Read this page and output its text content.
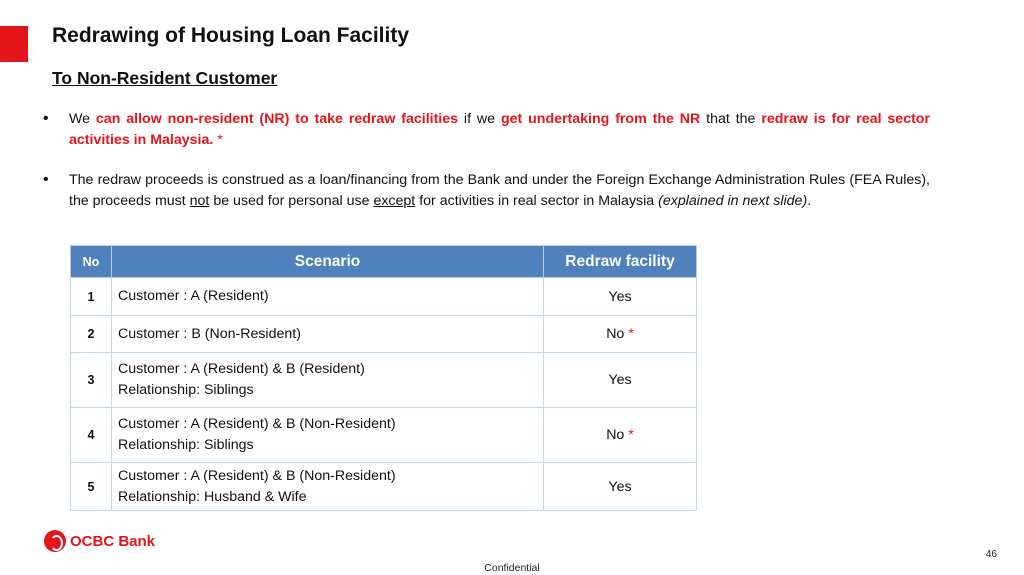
Redrawing of Housing Loan Facility
To Non-Resident Customer
• We can allow non-resident (NR) to take redraw facilities if we get undertaking from the NR that the redraw is for real sector activities in Malaysia. *
• The redraw proceeds is construed as a loan/financing from the Bank and under the Foreign Exchange Administration Rules (FEA Rules), the proceeds must not be used for personal use except for activities in real sector in Malaysia (explained in next slide).
No	Scenario	Redraw facility
1	Customer : A (Resident)	Yes
2	Customer : B (Non-Resident)	No *
3	Customer : A (Resident) & B (Resident)
Relationship: Siblings	Yes
4	Customer : A (Resident) & B (Non-Resident)
Relationship: Siblings	No *
5	Customer : A (Resident) & B (Non-Resident)
Relationship: Husband & Wife	Yes
OCBC Bank
46
Confidential
